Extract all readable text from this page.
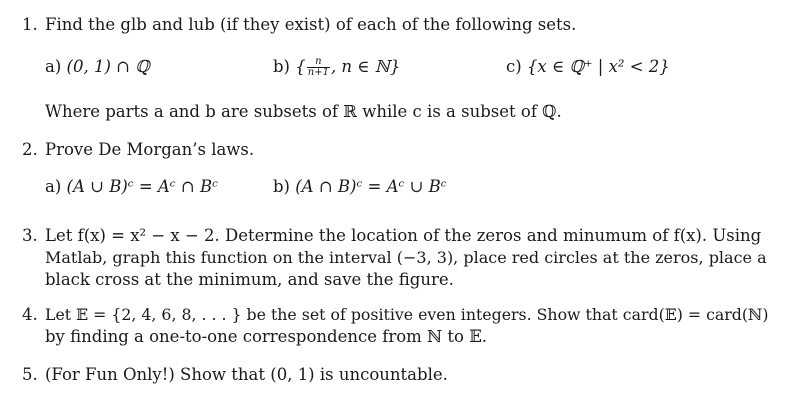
1. Find the glb and lub (if they exist) of each of the following sets.
a) (0, 1) ∩ ℚ	b) { $\frac{n}{n+1}$ , n ∈ ℕ}	c) {x ∈ ℚ⁺ | x² < 2}
Where parts a and b are subsets of ℝ while c is a subset of ℚ.
2. Prove De Morgan’s laws.
a) (A ∪ B)ᶜ = Aᶜ ∩ Bᶜ	b) (A ∩ B)ᶜ = Aᶜ ∪ Bᶜ
3. Let f(x) = x² − x − 2. Determine the location of the zeros and minumum of f(x). Using
Matlab, graph this function on the interval (−3, 3), place red circles at the zeros, place a
black cross at the minimum, and save the figure.
4. Let 𝔼 = {2, 4, 6, 8, . . . } be the set of positive even integers. Show that card(𝔼) = card(ℕ)
by finding a one-to-one correspondence from ℕ to 𝔼.
5. (For Fun Only!) Show that (0, 1) is uncountable.
